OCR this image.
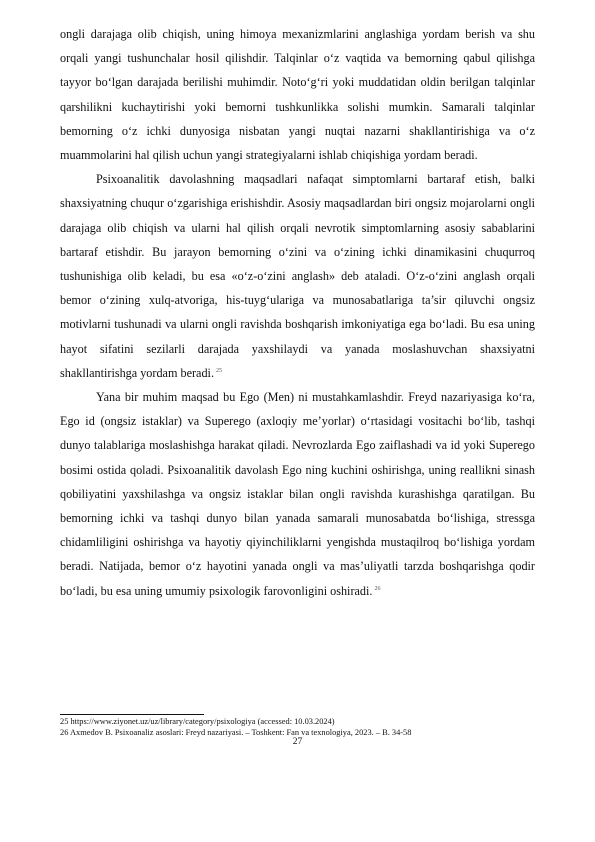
ongli darajaga olib chiqish, uning himoya mexanizmlarini anglashiga yordam berish va shu orqali yangi tushunchalar hosil qilishdir. Talqinlar o‘z vaqtida va bemorning qabul qilishga tayyor bo‘lgan darajada berilishi muhimdir. Noto‘g‘ri yoki muddatidan oldin berilgan talqinlar qarshilikni kuchaytirishi yoki bemorni tushkunlikka solishi mumkin. Samarali talqinlar bemorning o‘z ichki dunyosiga nisbatan yangi nuqtai nazarni shakllantirishiga va o‘z muammolarini hal qilish uchun yangi strategiyalarni ishlab chiqishiga yordam beradi.

Psixoanalitik davolashning maqsadlari nafaqat simptomlarni bartaraf etish, balki shaxsiyatning chuqur o‘zgarishiga erishishdir. Asosiy maqsadlardan biri ongsiz mojarolarni ongli darajaga olib chiqish va ularni hal qilish orqali nevrotik simptomlarning asosiy sabablarini bartaraf etishdir. Bu jarayon bemorning o‘zini va o‘zining ichki dinamikasini chuqurroq tushunishiga olib keladi, bu esa «o‘z-o‘zini anglash» deb ataladi. O‘z-o‘zini anglash orqali bemor o‘zining xulq-atvoriga, his-tuyg‘ulariga va munosabatlariga ta’sir qiluvchi ongsiz motivlarni tushunadi va ularni ongli ravishda boshqarish imkoniyatiga ega bo‘ladi. Bu esa uning hayot sifatini sezilarli darajada yaxshilaydi va yanada moslashuvchan shaxsiyatni shakllantirishga yordam beradi. $^{25}$

Yana bir muhim maqsad bu Ego (Men) ni mustahkamlashdir. Freyd nazariyasiga ko‘ra, Ego id (ongsiz istaklar) va Superego (axloqiy me’yorlar) o‘rtasidagi vositachi bo‘lib, tashqi dunyo talablariga moslashishga harakat qiladi. Nevrozlarda Ego zaiflashadi va id yoki Superego bosimi ostida qoladi. Psixoanalitik davolash Ego ning kuchini oshirishga, uning reallikni sinash qobiliyatini yaxshilashga va ongsiz istaklar bilan ongli ravishda kurashishga qaratilgan. Bu bemorning ichki va tashqi dunyo bilan yanada samarali munosabatda bo‘lishiga, stressga chidamliligini oshirishga va hayotiy qiyinchiliklarni yengishda mustaqilroq bo‘lishiga yordam beradi. Natijada, bemor o‘z hayotini yanada ongli va mas’uliyatli tarzda boshqarishga qodir bo‘ladi, bu esa uning umumiy psixologik farovonligini oshiradi. $^{26}$

25 https://www.ziyonet.uz/uz/library/category/psixologiya (accessed: 10.03.2024)

26 Axmedov B. Psixoanaliz asoslari: Freyd nazariyasi. – Toshkent: Fan va texnologiya, 2023. – B. 34-58

27
